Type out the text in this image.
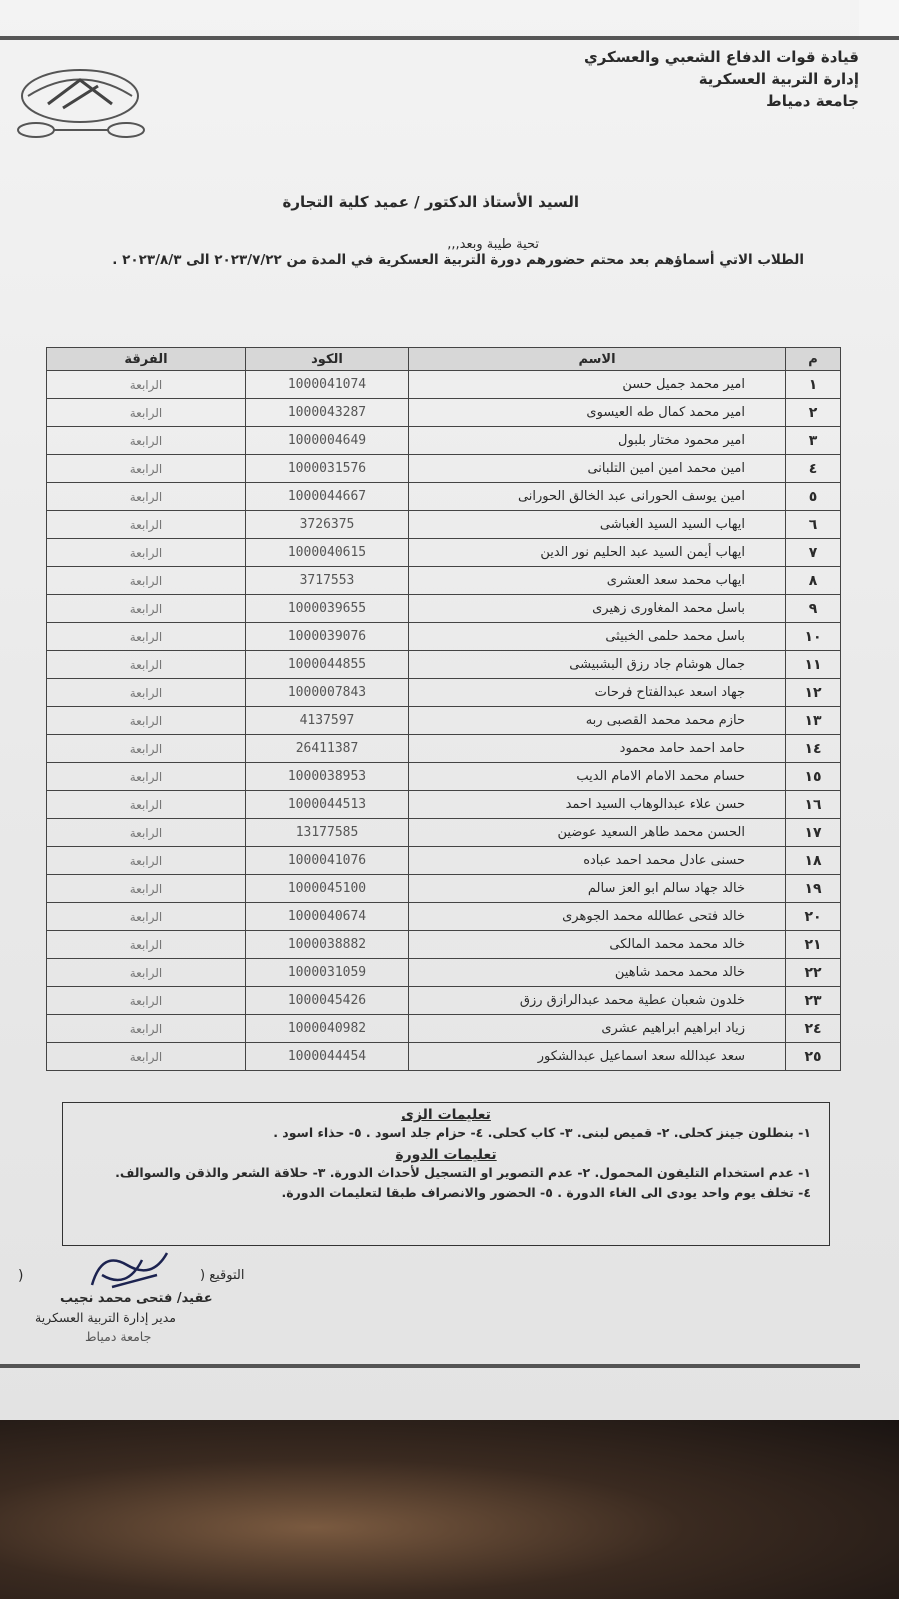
قيادة قوات الدفاع الشعبي والعسكري
إدارة التربية العسكرية
جامعة دمياط
السيد الأستاذ الدكتور / عميد كلية التجارة
تحية طيبة وبعد,,,
الطلاب الاتي أسماؤهم بعد محتم حضورهم دورة التربية العسكرية في المدة من ٢٠٢٣/٧/٢٢ الى ٢٠٢٣/٨/٣ .
م	الاسم	الكود	الفرقة
١	امير محمد جميل حسن	1000041074	الرابعة
٢	امير محمد كمال طه العيسوى	1000043287	الرابعة
٣	امير محمود مختار بلبول	1000004649	الرابعة
٤	امين محمد امين امين التلبانى	1000031576	الرابعة
٥	امين يوسف الحورانى عبد الخالق الحورانى	1000044667	الرابعة
٦	ايهاب السيد السيد الغباشى	3726375	الرابعة
٧	ايهاب أيمن السيد عبد الحليم نور الدين	1000040615	الرابعة
٨	ايهاب محمد سعد العشرى	3717553	الرابعة
٩	باسل محمد المغاورى زهيرى	1000039655	الرابعة
١٠	باسل محمد حلمى الخبيثى	1000039076	الرابعة
١١	جمال هوشام جاد رزق البشبيشى	1000044855	الرابعة
١٢	جهاد اسعد عبدالفتاح فرحات	1000007843	الرابعة
١٣	حازم محمد محمد القصبى ربه	4137597	الرابعة
١٤	حامد احمد حامد محمود	26411387	الرابعة
١٥	حسام محمد الامام الامام الديب	1000038953	الرابعة
١٦	حسن علاء عبدالوهاب السيد احمد	1000044513	الرابعة
١٧	الحسن محمد طاهر السعيد عوضين	13177585	الرابعة
١٨	حسنى عادل محمد احمد عباده	1000041076	الرابعة
١٩	خالد جهاد سالم ابو العز سالم	1000045100	الرابعة
٢٠	خالد فتحى عطالله محمد الجوهرى	1000040674	الرابعة
٢١	خالد محمد محمد المالكى	1000038882	الرابعة
٢٢	خالد محمد محمد شاهين	1000031059	الرابعة
٢٣	خلدون شعبان عطية محمد عبدالرازق رزق	1000045426	الرابعة
٢٤	زياد ابراهيم ابراهيم عشرى	1000040982	الرابعة
٢٥	سعد عبدالله سعد اسماعيل عبدالشكور	1000044454	الرابعة
تعليمات الزى
١- بنطلون جينز كحلى. ٢- قميص لبنى. ٣- كاب كحلى. ٤- حزام جلد اسود . ٥- حذاء اسود .
تعليمات الدورة
١- عدم استخدام التليفون المحمول. ٢- عدم التصوير او التسجيل لأحداث الدورة. ٣- حلاقة الشعر والذقن والسوالف.
٤- تخلف يوم واحد يودى الى الغاء الدورة . ٥- الحضور والانصراف طبقا لتعليمات الدورة.
التوقيع (
)
عقيد/ فتحى محمد نجيب
مدير إدارة التربية العسكرية
جامعة دمياط
